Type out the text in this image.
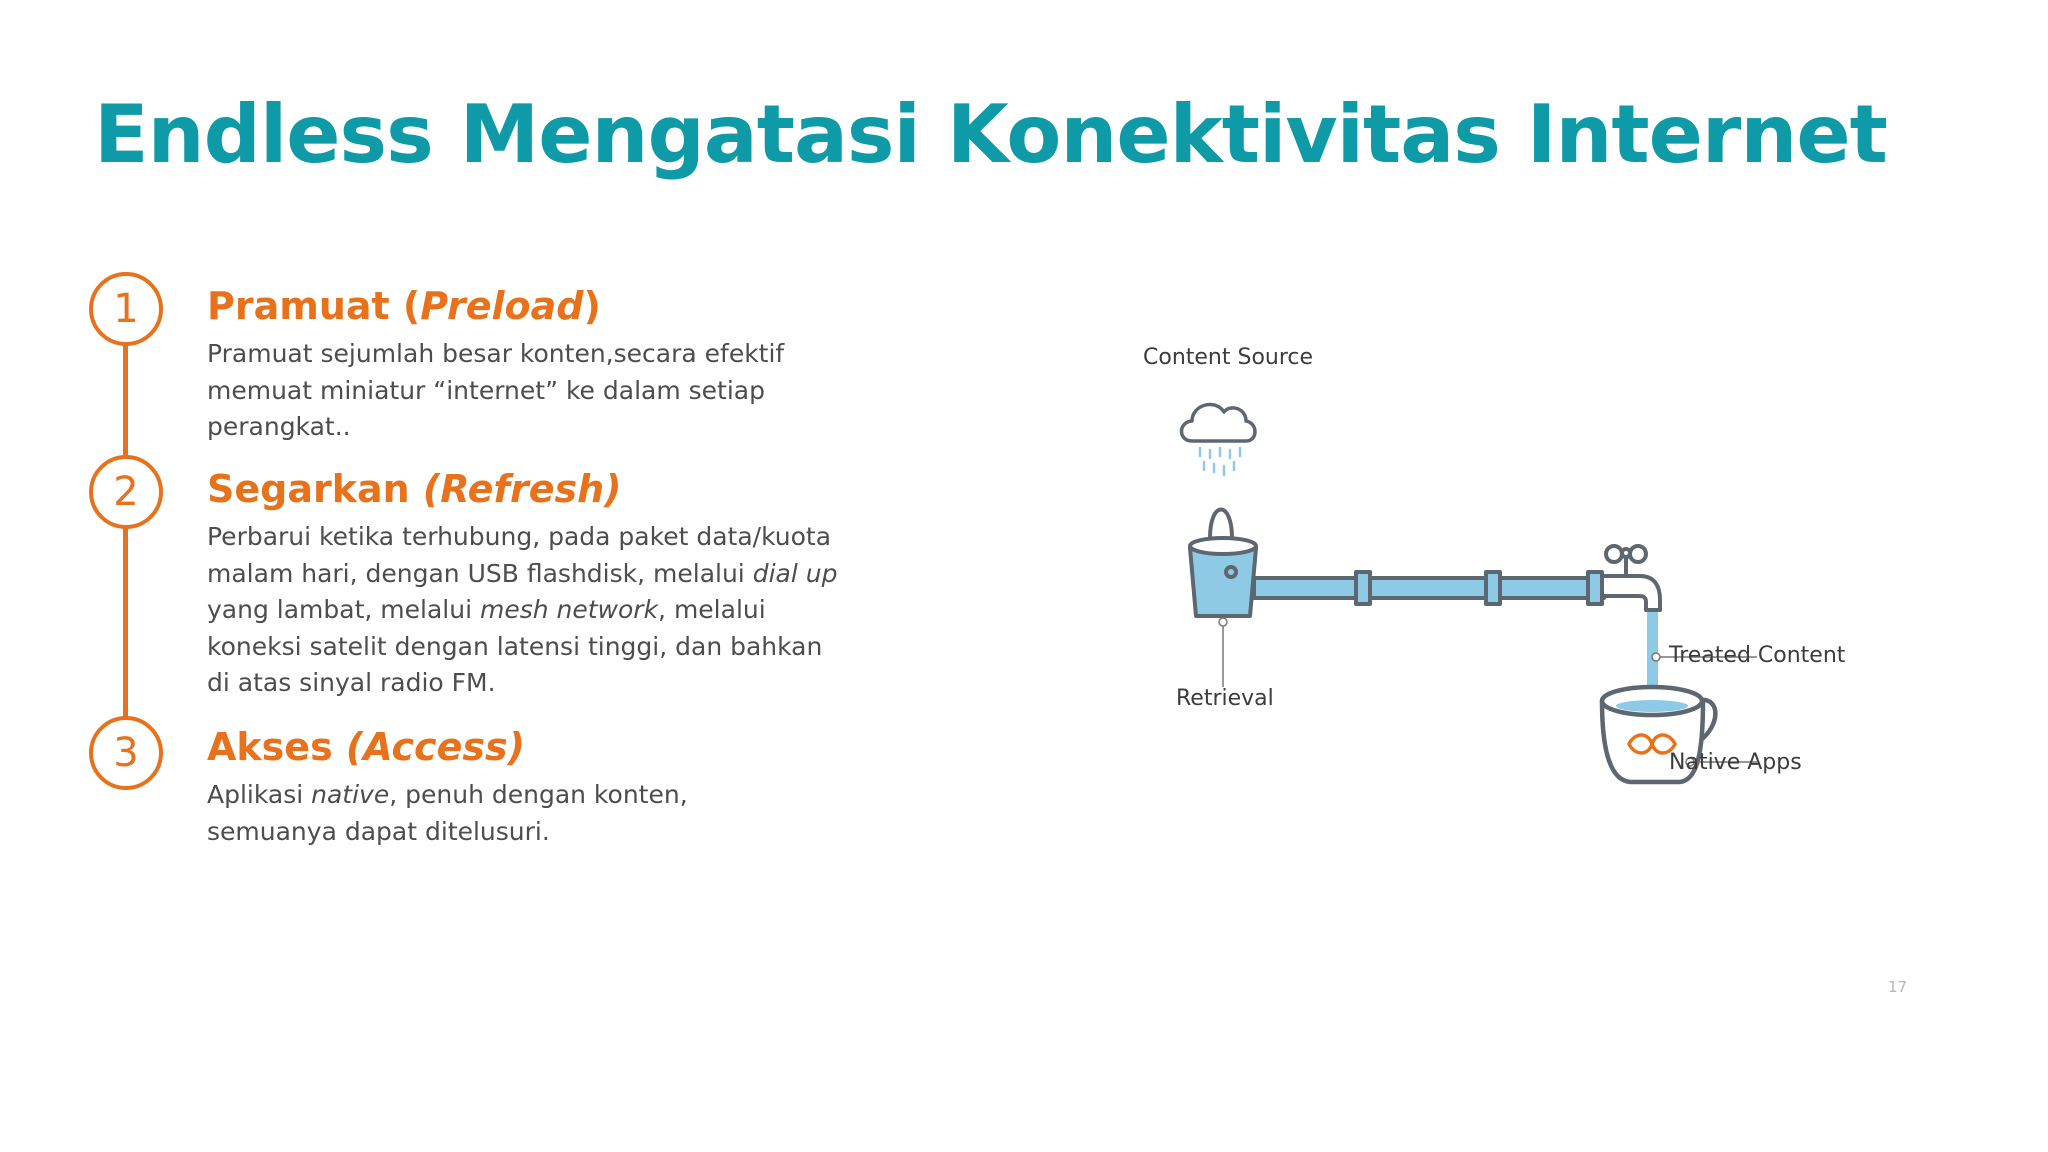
Endless Mengatasi Konektivitas Internet
1	Pramuat (Preload)
Pramuat sejumlah besar konten,secara efektif
memuat miniatur “internet” ke dalam setiap
perangkat..
2	Segarkan (Refresh)
Perbarui ketika terhubung, pada paket data/kuota
malam hari, dengan USB flashdisk, melalui dial up
yang lambat, melalui mesh network, melalui
koneksi satelit dengan latensi tinggi, dan bahkan
di atas sinyal radio FM.
3	Akses (Access)
Aplikasi native, penuh dengan konten,
semuanya dapat ditelusuri.
Content Source
Retrieval
Treated Content
Native Apps
17
